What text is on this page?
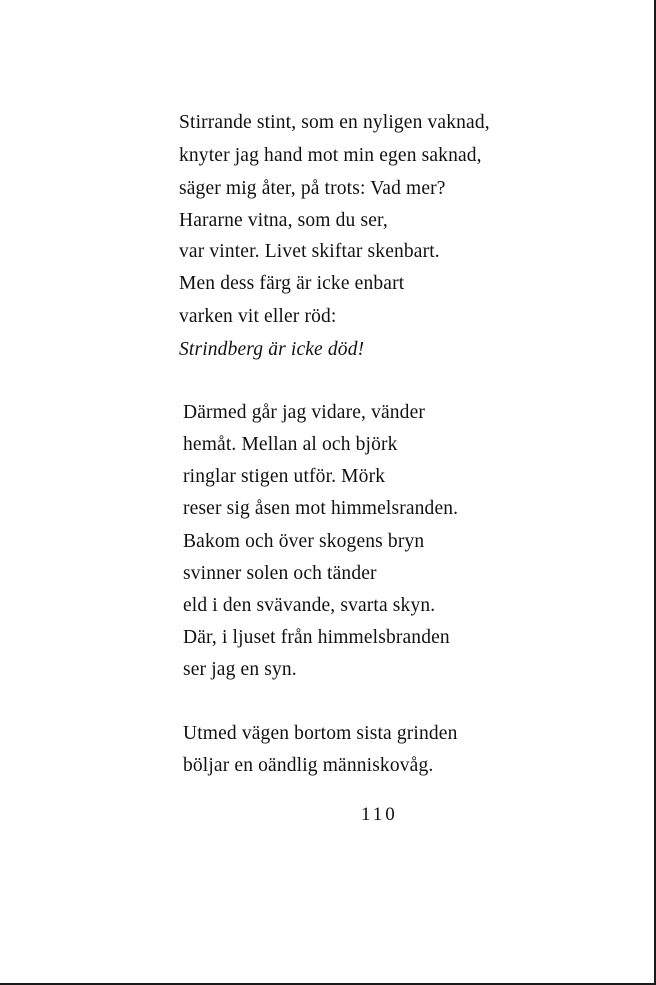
Stirrande stint, som en nyligen vaknad,
knyter jag hand mot min egen saknad,
säger mig åter, på trots: Vad mer?
Hararne vitna, som du ser,
var vinter. Livet skiftar skenbart.
Men dess färg är icke enbart
varken vit eller röd:
Strindberg är icke död!
Därmed går jag vidare, vänder
hemåt. Mellan al och björk
ringlar stigen utför. Mörk
reser sig åsen mot himmelsranden.
Bakom och över skogens bryn
svinner solen och tänder
eld i den svävande, svarta skyn.
Där, i ljuset från himmelsbranden
ser jag en syn.
Utmed vägen bortom sista grinden
böljar en oändlig människovåg.
110
